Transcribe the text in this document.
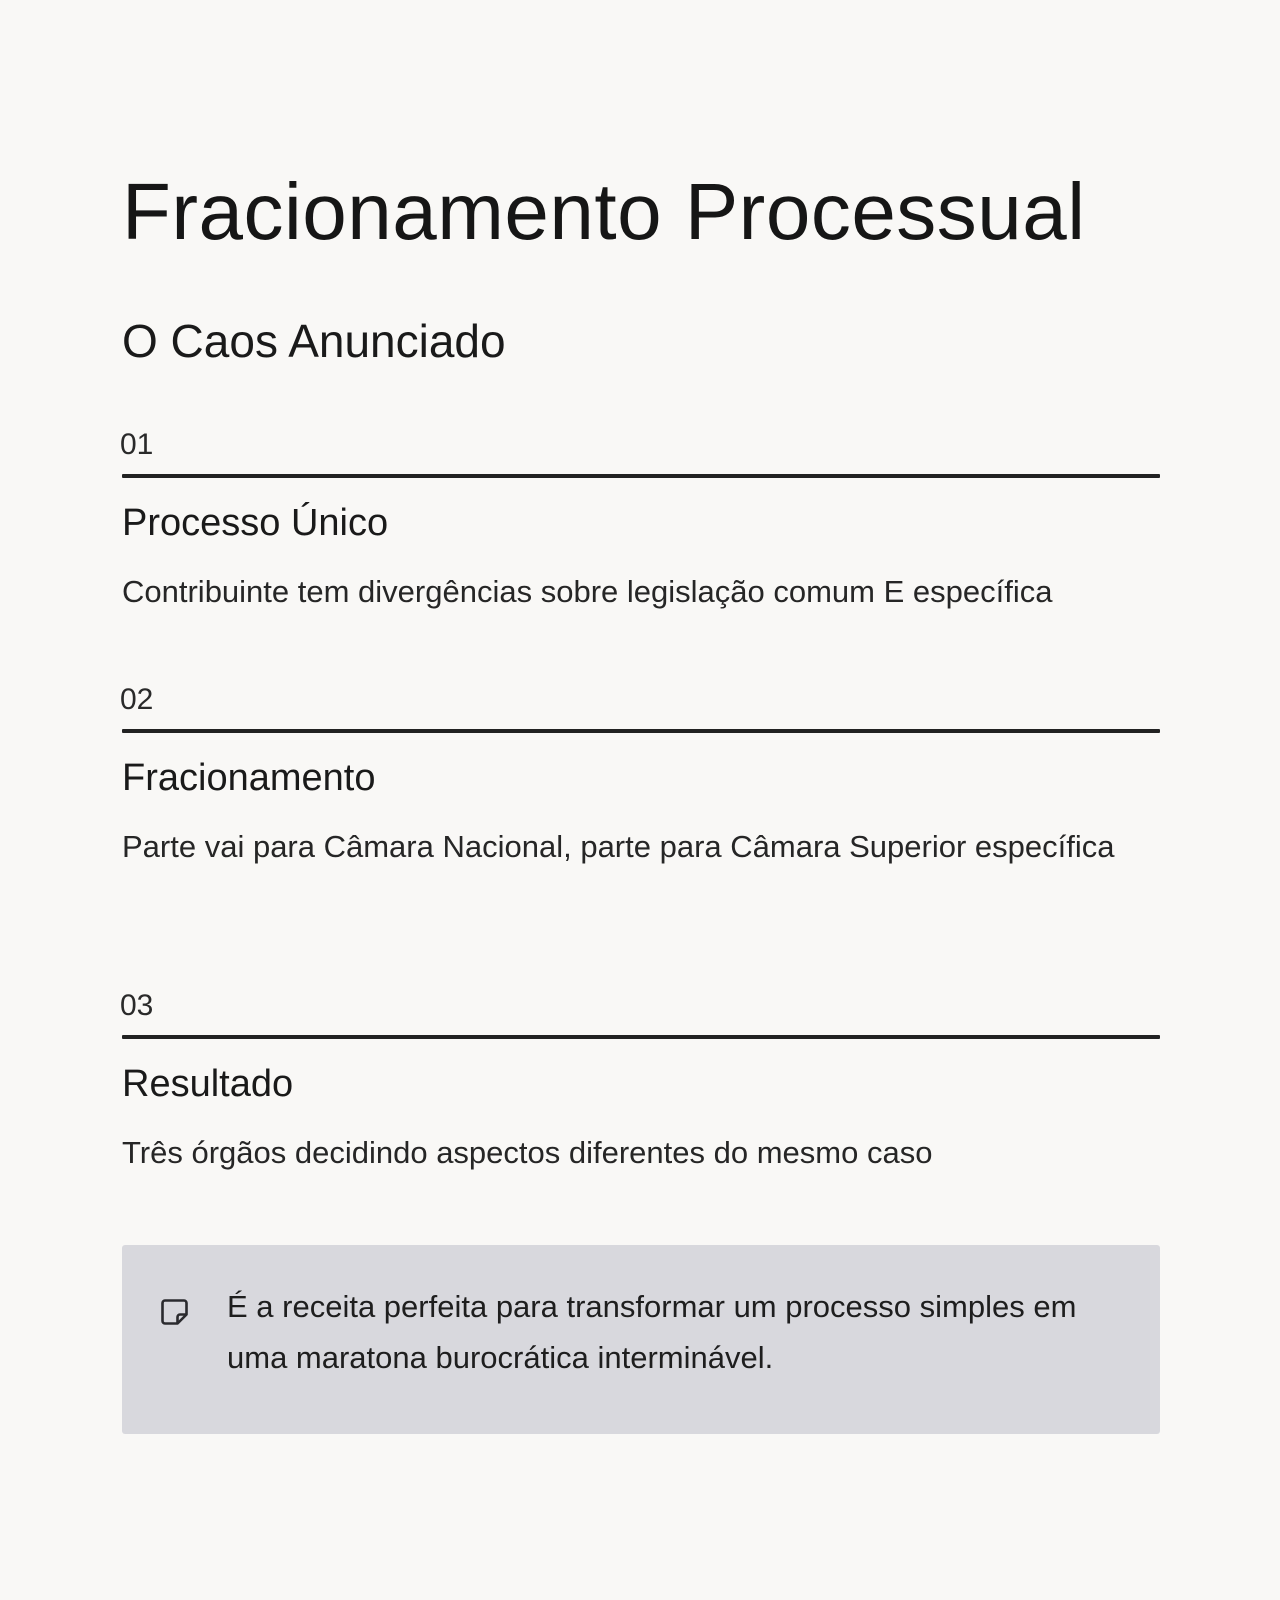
Fracionamento Processual
O Caos Anunciado
01
Processo Único

Contribuinte tem divergências sobre legislação comum E específica

02
Fracionamento

Parte vai para Câmara Nacional, parte para Câmara Superior específica

03
Resultado

Três órgãos decidindo aspectos diferentes do mesmo caso

É a receita perfeita para transformar um processo simples em uma maratona burocrática interminável.
